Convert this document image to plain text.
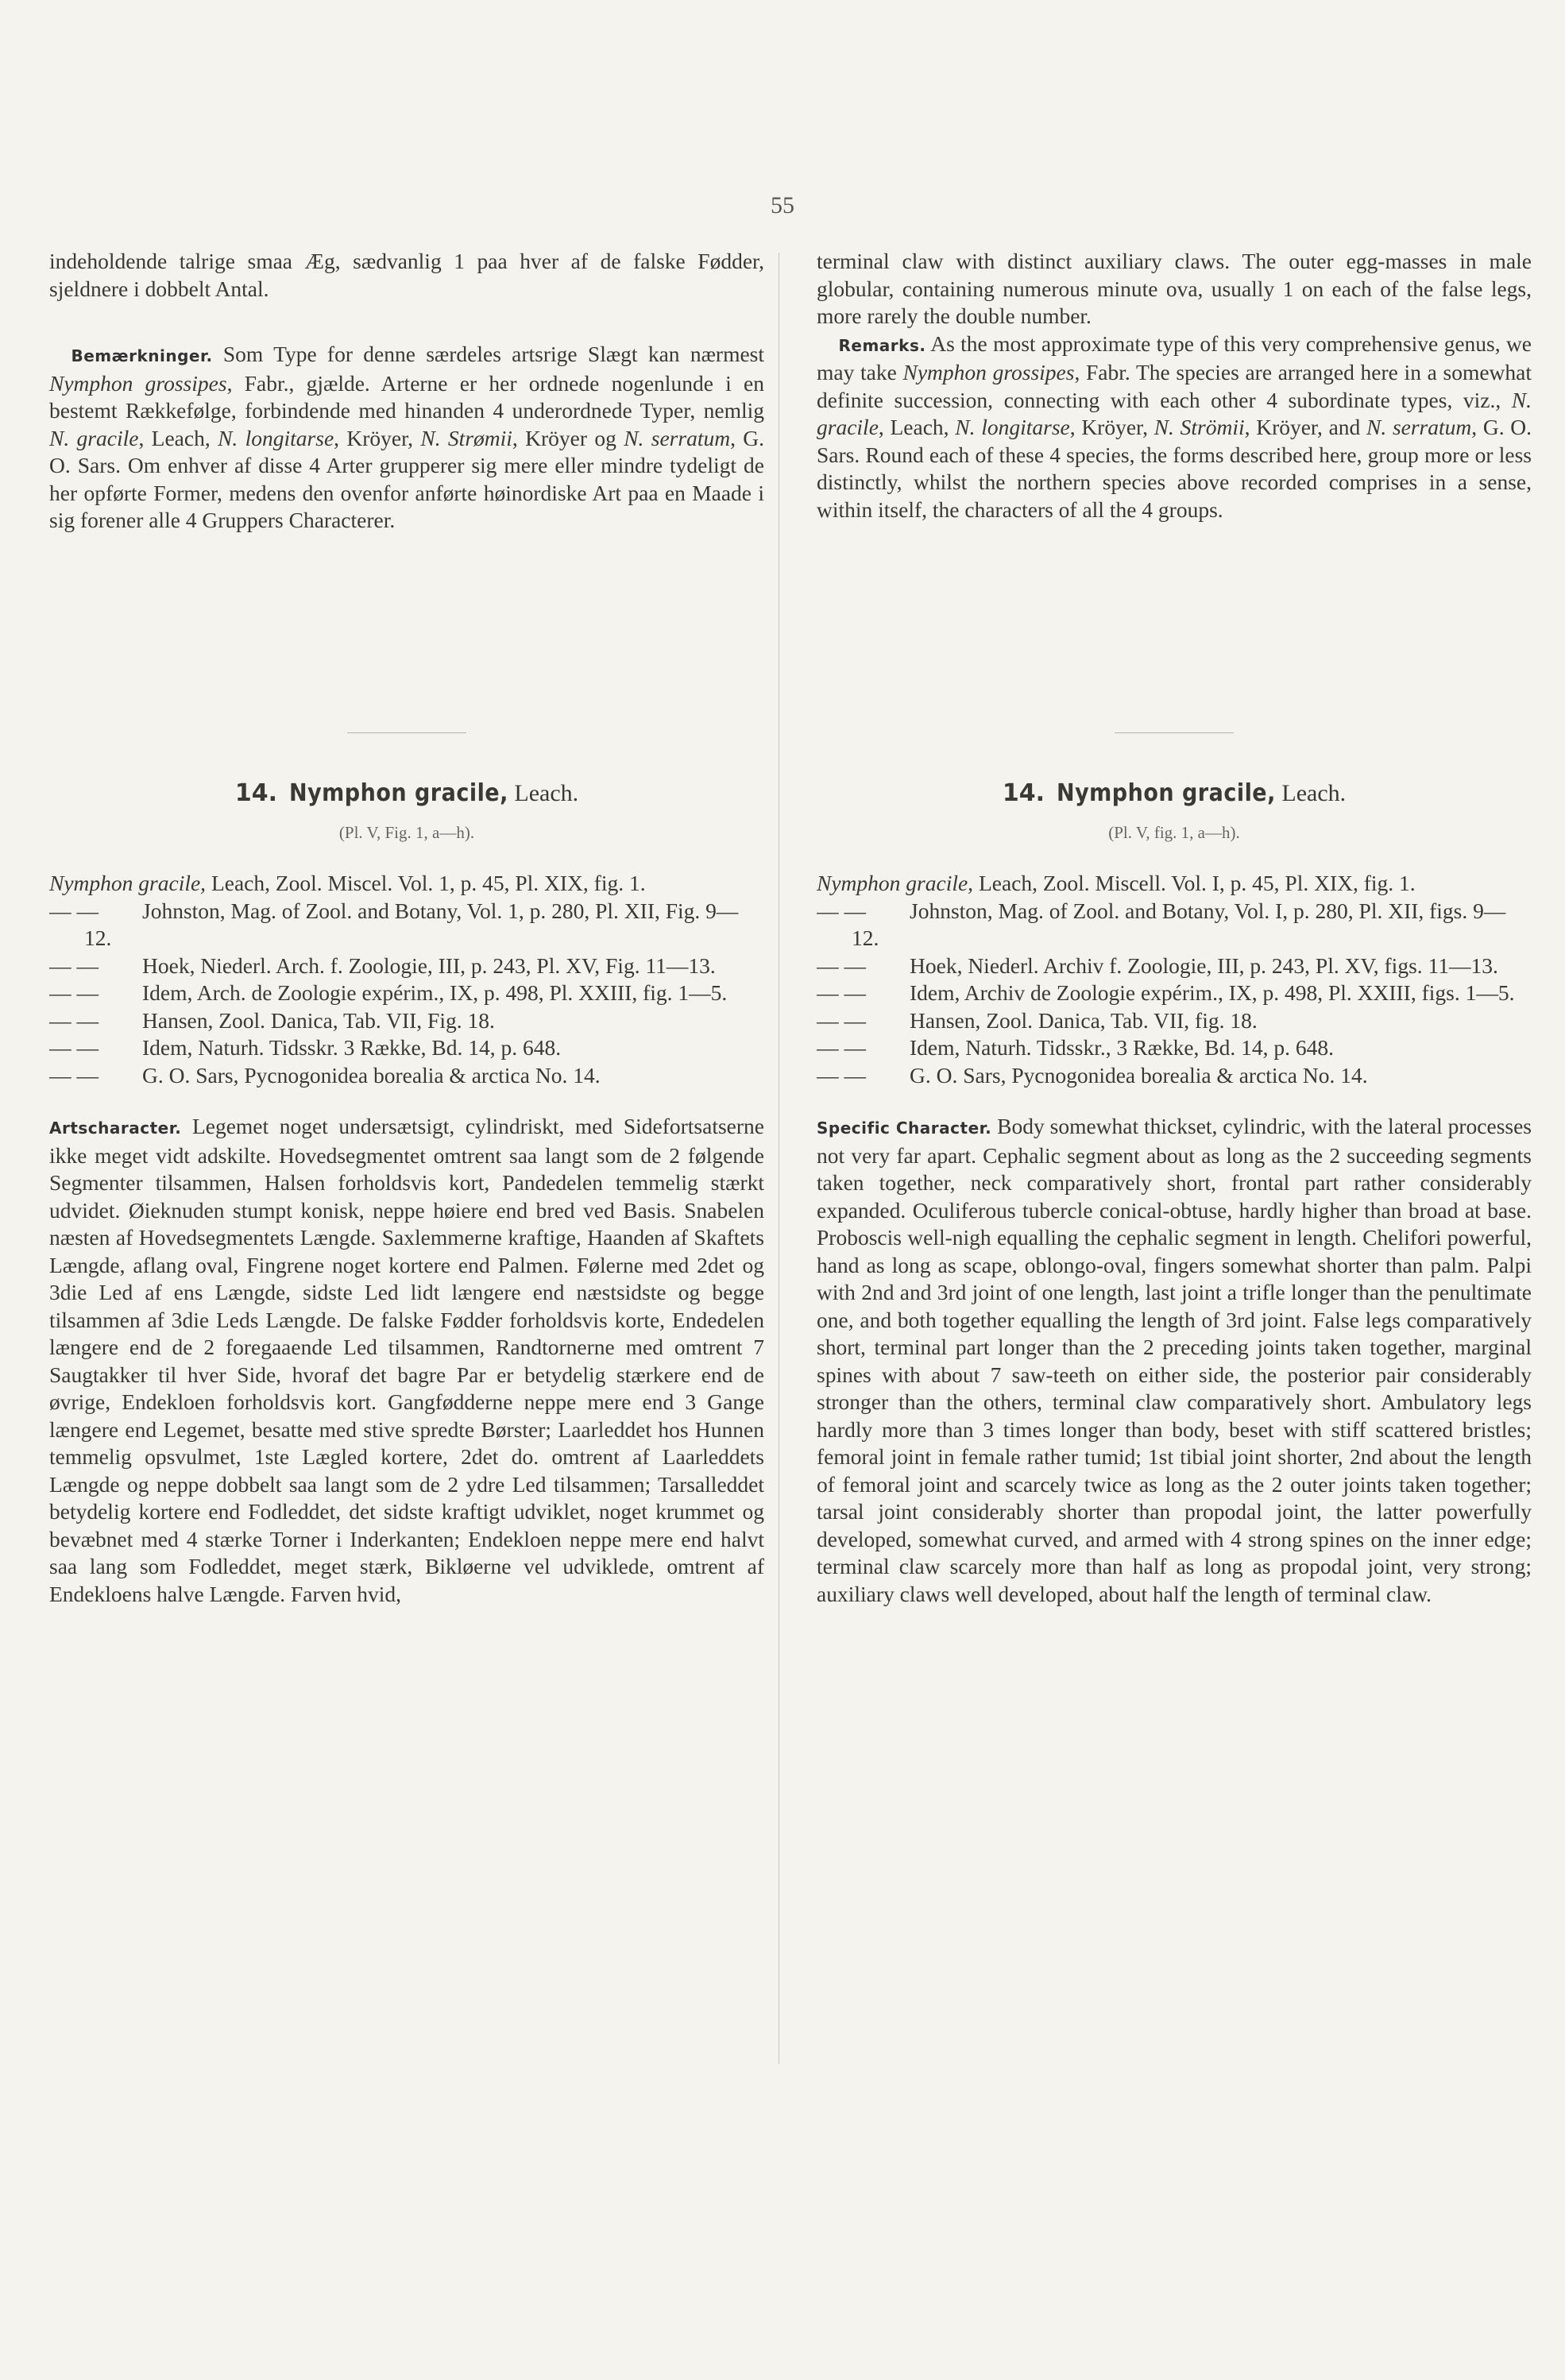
55

indeholdende talrige smaa Æg, sædvanlig 1 paa hver af de falske Fødder, sjeldnere i dobbelt Antal.

 Bemærkninger. Som Type for denne særdeles artsrige Slægt kan nærmest Nymphon grossipes, Fabr., gjælde. Arterne er her ordnede nogenlunde i en bestemt Rækkefølge, forbindende med hinanden 4 underordnede Typer, nemlig N. gracile, Leach, N. longitarse, Kröyer, N. Strømii, Kröyer og N. serratum, G. O. Sars. Om enhver af disse 4 Arter grupperer sig mere eller mindre tydeligt de her opførte Former, medens den ovenfor anførte høinordiske Art paa en Maade i sig forener alle 4 Gruppers Characterer.

terminal claw with distinct auxiliary claws. The outer egg-masses in male globular, containing numerous minute ova, usually 1 on each of the false legs, more rarely the double number.

 Remarks. As the most approximate type of this very comprehensive genus, we may take Nymphon grossipes, Fabr. The species are arranged here in a somewhat definite succession, connecting with each other 4 subordinate types, viz., N. gracile, Leach, N. longitarse, Kröyer, N. Strömii, Kröyer, and N. serratum, G. O. Sars. Round each of these 4 species, the forms described here, group more or less distinctly, whilst the northern species above recorded comprises in a sense, within itself, the characters of all the 4 groups.

14. Nymphon gracile, Leach.
(Pl. V, Fig. 1, a—h).

Nymphon gracile, Leach, Zool. Miscel. Vol. 1, p. 45, Pl. XIX, fig. 1.

— —   Johnston, Mag. of Zool. and Botany, Vol. 1, p. 280, Pl. XII, Fig. 9—12.

— —   Hoek, Niederl. Arch. f. Zoologie, III, p. 243, Pl. XV, Fig. 11—13.

— —   Idem, Arch. de Zoologie expérim., IX, p. 498, Pl. XXIII, fig. 1—5.

— —   Hansen, Zool. Danica, Tab. VII, Fig. 18.

— —   Idem, Naturh. Tidsskr. 3 Række, Bd. 14, p. 648.

— —   G. O. Sars, Pycnogonidea borealia & arctica No. 14.

Artscharacter. Legemet noget undersætsigt, cylindriskt, med Sidefortsatserne ikke meget vidt adskilte. Hovedsegmentet omtrent saa langt som de 2 følgende Segmenter tilsammen, Halsen forholdsvis kort, Pandedelen temmelig stærkt udvidet. Øieknuden stumpt konisk, neppe høiere end bred ved Basis. Snabelen næsten af Hovedsegmentets Længde. Saxlemmerne kraftige, Haanden af Skaftets Længde, aflang oval, Fingrene noget kortere end Palmen. Følerne med 2det og 3die Led af ens Længde, sidste Led lidt længere end næstsidste og begge tilsammen af 3die Leds Længde. De falske Fødder forholdsvis korte, Endedelen længere end de 2 foregaaende Led tilsammen, Randtornerne med omtrent 7 Saugtakker til hver Side, hvoraf det bagre Par er betydelig stærkere end de øvrige, Endekloen forholdsvis kort. Gangfødderne neppe mere end 3 Gange længere end Legemet, besatte med stive spredte Børster; Laarleddet hos Hunnen temmelig opsvulmet, 1ste Lægled kortere, 2det do. omtrent af Laarleddets Længde og neppe dobbelt saa langt som de 2 ydre Led tilsammen; Tarsalleddet betydelig kortere end Fodleddet, det sidste kraftigt udviklet, noget krummet og bevæbnet med 4 stærke Torner i Inderkanten; Endekloen neppe mere end halvt saa lang som Fodleddet, meget stærk, Bikløerne vel udviklede, omtrent af Endekloens halve Længde. Farven hvid,

14. Nymphon gracile, Leach.
(Pl. V, fig. 1, a—h).

Nymphon gracile, Leach, Zool. Miscell. Vol. I, p. 45, Pl. XIX, fig. 1.

— —   Johnston, Mag. of Zool. and Botany, Vol. I, p. 280, Pl. XII, figs. 9—12.

— —   Hoek, Niederl. Archiv f. Zoologie, III, p. 243, Pl. XV, figs. 11—13.

— —   Idem, Archiv de Zoologie expérim., IX, p. 498, Pl. XXIII, figs. 1—5.

— —   Hansen, Zool. Danica, Tab. VII, fig. 18.

— —   Idem, Naturh. Tidsskr., 3 Række, Bd. 14, p. 648.

— —   G. O. Sars, Pycnogonidea borealia & arctica No. 14.

Specific Character. Body somewhat thickset, cylindric, with the lateral processes not very far apart. Cephalic segment about as long as the 2 succeeding segments taken together, neck comparatively short, frontal part rather considerably expanded. Oculiferous tubercle conical-obtuse, hardly higher than broad at base. Proboscis well-nigh equalling the cephalic segment in length. Chelifori powerful, hand as long as scape, oblongo-oval, fingers somewhat shorter than palm. Palpi with 2nd and 3rd joint of one length, last joint a trifle longer than the penultimate one, and both together equalling the length of 3rd joint. False legs comparatively short, terminal part longer than the 2 preceding joints taken together, marginal spines with about 7 saw-teeth on either side, the posterior pair considerably stronger than the others, terminal claw comparatively short. Ambulatory legs hardly more than 3 times longer than body, beset with stiff scattered bristles; femoral joint in female rather tumid; 1st tibial joint shorter, 2nd about the length of femoral joint and scarcely twice as long as the 2 outer joints taken together; tarsal joint considerably shorter than propodal joint, the latter powerfully developed, somewhat curved, and armed with 4 strong spines on the inner edge; terminal claw scarcely more than half as long as propodal joint, very strong; auxiliary claws well developed, about half the length of terminal claw.
